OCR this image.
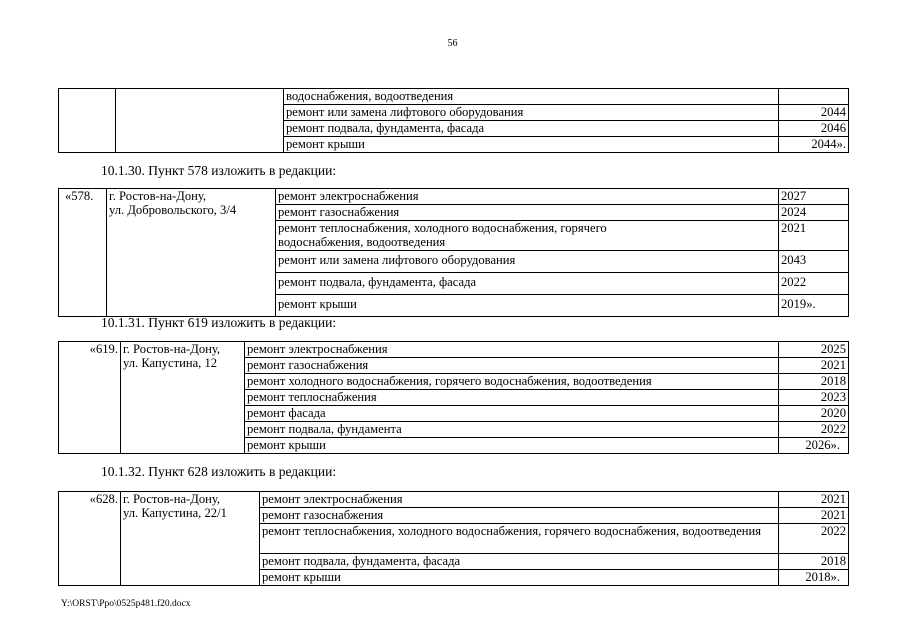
56
		водоснабжения, водоотведения	
		ремонт или замена лифтового оборудования	2044
		ремонт подвала, фундамента, фасада	2046
		ремонт крыши	2044».
10.1.30. Пункт 578 изложить в редакции:
«578.	г. Ростов-на-Дону,
ул. Добровольского, 3/4	ремонт электроснабжения	2027
		ремонт газоснабжения	2024
		ремонт теплоснабжения, холодного водоснабжения, горячего водоснабжения, водоотведения	2021
		ремонт или замена лифтового оборудования	2043
		ремонт подвала, фундамента, фасада	2022
		ремонт крыши	2019».
10.1.31. Пункт 619 изложить в редакции:
«619.	г. Ростов-на-Дону,
ул. Капустина, 12	ремонт электроснабжения	2025
		ремонт газоснабжения	2021
		ремонт холодного водоснабжения, горячего водоснабжения, водоотведения	2018
		ремонт теплоснабжения	2023
		ремонт фасада	2020
		ремонт подвала, фундамента	2022
		ремонт крыши	2026».
10.1.32. Пункт 628 изложить в редакции:
«628.	г. Ростов-на-Дону,
ул. Капустина, 22/1	ремонт электроснабжения	2021
		ремонт газоснабжения	2021
		ремонт теплоснабжения, холодного водоснабжения, горячего водоснабжения, водоотведения	2022
		ремонт подвала, фундамента, фасада	2018
		ремонт крыши	2018».
Y:\ORST\Ppo\0525p481.f20.docx
